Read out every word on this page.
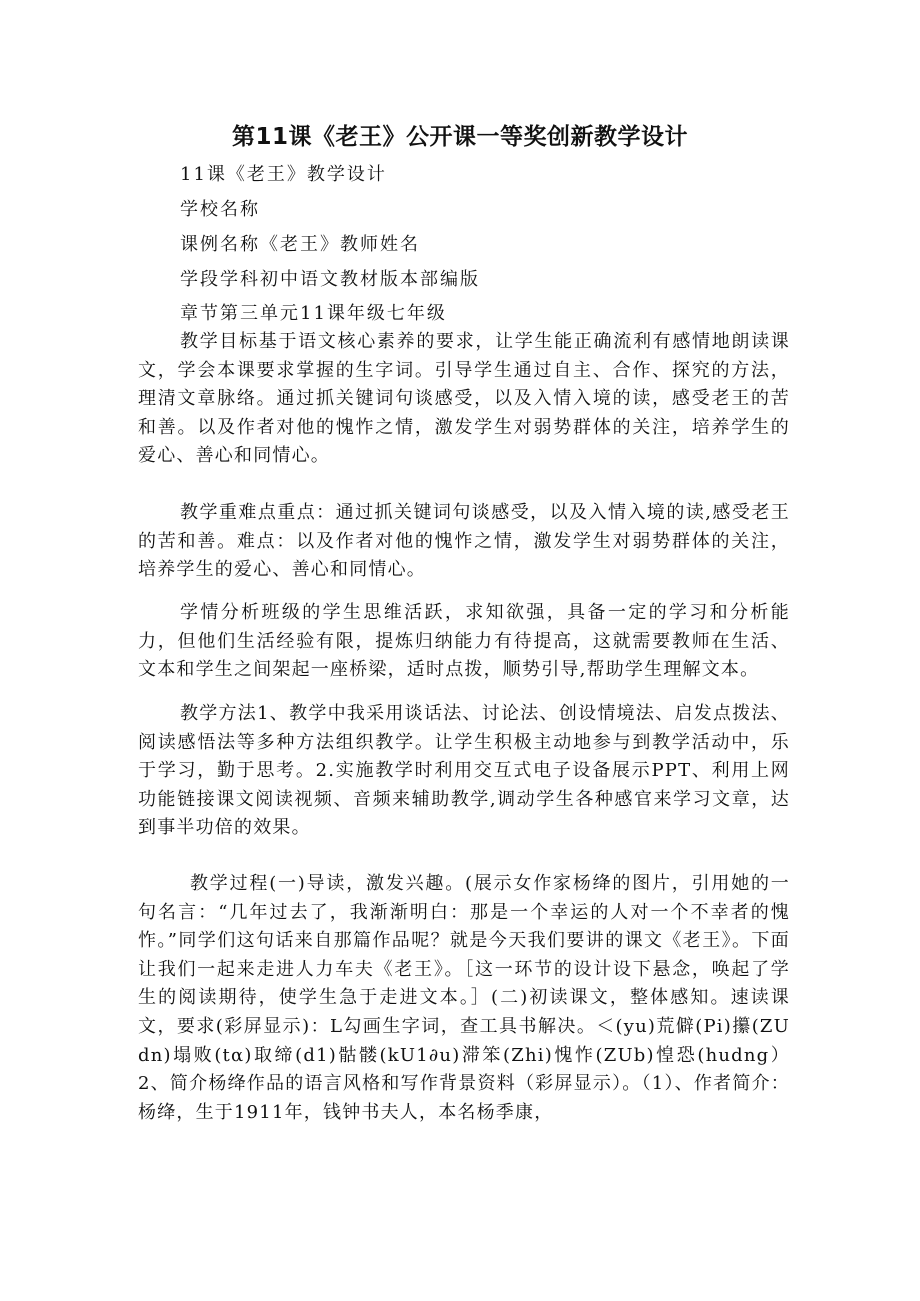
第11课《老王》公开课一等奖创新教学设计
11课《老王》教学设计
学校名称
课例名称《老王》教师姓名
学段学科初中语文教材版本部编版
章节第三单元11课年级七年级
教学目标基于语文核心素养的要求，让学生能正确流利有感情地朗读课文，学会本课要求掌握的生字词。引导学生通过自主、合作、探究的方法，理清文章脉络。通过抓关键词句谈感受，以及入情入境的读，感受老王的苦和善。以及作者对他的愧怍之情，激发学生对弱势群体的关注，培养学生的爱心、善心和同情心。
教学重难点重点：通过抓关键词句谈感受，以及入情入境的读,感受老王的苦和善。难点：以及作者对他的愧怍之情，激发学生对弱势群体的关注，培养学生的爱心、善心和同情心。
学情分析班级的学生思维活跃，求知欲强，具备一定的学习和分析能力，但他们生活经验有限，提炼归纳能力有待提高，这就需要教师在生活、文本和学生之间架起一座桥梁，适时点拨，顺势引导,帮助学生理解文本。
教学方法1、教学中我采用谈话法、讨论法、创设情境法、启发点拨法、阅读感悟法等多种方法组织教学。让学生积极主动地参与到教学活动中，乐于学习，勤于思考。2.实施教学时利用交互式电子设备展示PPT、利用上网功能链接课文阅读视频、音频来辅助教学,调动学生各种感官来学习文章，达到事半功倍的效果。
教学过程(一)导读，激发兴趣。(展示女作家杨绛的图片，引用她的一句名言：“几年过去了，我渐渐明白：那是一个幸运的人对一个不幸者的愧怍。”同学们这句话来自那篇作品呢？就是今天我们要讲的课文《老王》。下面让我们一起来走进人力车夫《老王》。［这一环节的设计设下悬念，唤起了学生的阅读期待，使学生急于走进文本。］(二)初读课文，整体感知。速读课文，要求(彩屏显示)：L勾画生字词，查工具书解决。＜(yu)荒僻(Pi)攥(ZUdn)塌败(tα)取缔(d1)骷髅(kU1∂u)滞笨(Zhi)愧怍(ZUb)惶恐(hudng）2、简介杨绛作品的语言风格和写作背景资料（彩屏显示）。（1）、作者简介：杨绛，生于1911年，钱钟书夫人，本名杨季康，
